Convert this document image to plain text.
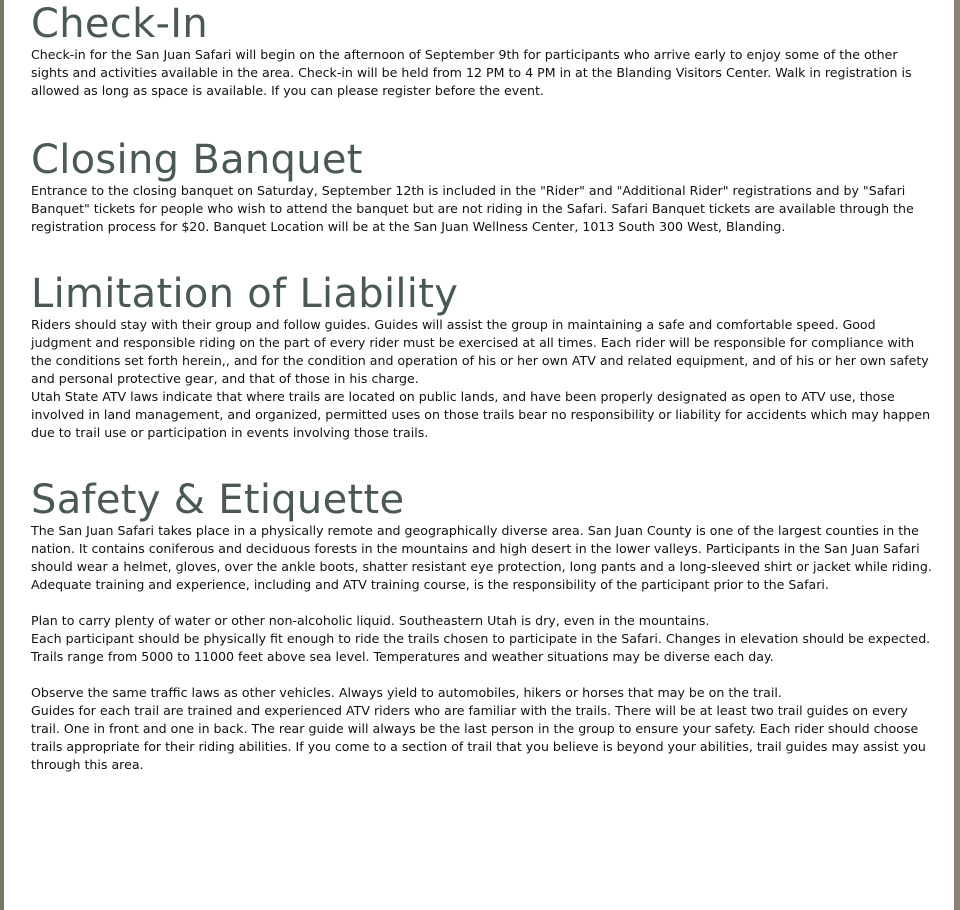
Check-In

Check-in for the San Juan Safari will begin on the afternoon of September 9th for participants who arrive early to enjoy some of the other sights and activities available in the area. Check-in will be held from 12 PM to 4 PM in at the Blanding Visitors Center. Walk in registration is allowed as long as space is available. If you can please register before the event.

Closing Banquet

Entrance to the closing banquet on Saturday, September 12th is included in the "Rider" and "Additional Rider" registrations and by "Safari Banquet" tickets for people who wish to attend the banquet but are not riding in the Safari. Safari Banquet tickets are available through the registration process for $20. Banquet Location will be at the San Juan Wellness Center, 1013 South 300 West, Blanding.

Limitation of Liability

Riders should stay with their group and follow guides. Guides will assist the group in maintaining a safe and comfortable speed. Good judgment and responsible riding on the part of every rider must be exercised at all times. Each rider will be responsible for compliance with the conditions set forth herein,, and for the condition and operation of his or her own ATV and related equipment, and of his or her own safety and personal protective gear, and that of those in his charge.

Utah State ATV laws indicate that where trails are located on public lands, and have been properly designated as open to ATV use, those involved in land management, and organized, permitted uses on those trails bear no responsibility or liability for accidents which may happen due to trail use or participation in events involving those trails.

Safety & Etiquette

The San Juan Safari takes place in a physically remote and geographically diverse area. San Juan County is one of the largest counties in the nation. It contains coniferous and deciduous forests in the mountains and high desert in the lower valleys. Participants in the San Juan Safari should wear a helmet, gloves, over the ankle boots, shatter resistant eye protection, long pants and a long-sleeved shirt or jacket while riding. Adequate training and experience, including and ATV training course, is the responsibility of the participant prior to the Safari.

Plan to carry plenty of water or other non-alcoholic liquid. Southeastern Utah is dry, even in the mountains.

Each participant should be physically fit enough to ride the trails chosen to participate in the Safari. Changes in elevation should be expected. Trails range from 5000 to 11000 feet above sea level. Temperatures and weather situations may be diverse each day.

Observe the same traffic laws as other vehicles. Always yield to automobiles, hikers or horses that may be on the trail.

Guides for each trail are trained and experienced ATV riders who are familiar with the trails. There will be at least two trail guides on every trail. One in front and one in back. The rear guide will always be the last person in the group to ensure your safety. Each rider should choose trails appropriate for their riding abilities. If you come to a section of trail that you believe is beyond your abilities, trail guides may assist you through this area.
